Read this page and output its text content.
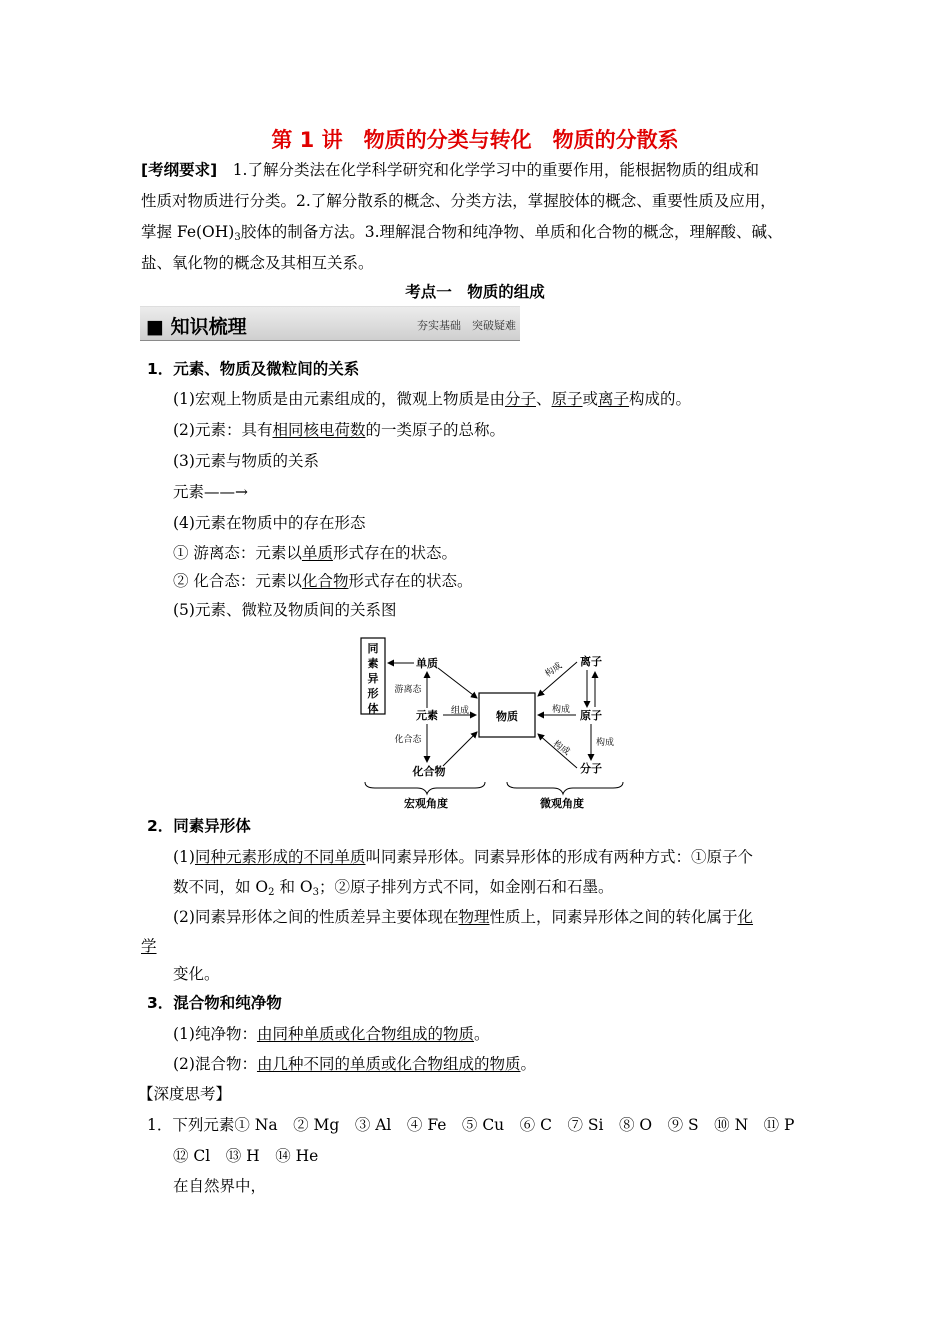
第 1 讲　物质的分类与转化　物质的分散系
[考纲要求]　 1.了解分类法在化学科学研究和化学学习中的重要作用，能根据物质的组成和
性质对物质进行分类。2.了解分散系的概念、分类方法，掌握胶体的概念、重要性质及应用，
掌握 $Fe(OH)_3$胶体的制备方法。3.理解混合物和纯净物、单质和化合物的概念，理解酸、碱、
盐、氧化物的概念及其相互关系。
考点一　物质的组成
■ 知识梳理	夯实基础　突破疑难
1．元素、物质及微粒间的关系
(1)宏观上物质是由元素组成的，微观上物质是由分子、原子或离子构成的。
(2)元素：具有相同核电荷数的一类原子的总称。
(3)元素与物质的关系
元素——→
(4)元素在物质中的存在形态
① 游离态：元素以单质形式存在的状态。
② 化合态：元素以化合物形式存在的状态。
(5)元素、微粒及物质间的关系图
同
素
异
形
体
单质
游离态
元素
化合态
化合物
组成 物质
离子
原子
分子
构成
构成
构成	构成
宏观角度	微观角度
2．同素异形体
(1)同种元素形成的不同单质叫同素异形体。同素异形体的形成有两种方式：①原子个
数不同，如 $O_2$ 和 $O_3$；②原子排列方式不同，如金刚石和石墨。
(2)同素异形体之间的性质差异主要体现在物理性质上，同素异形体之间的转化属于化
学
变化。
3．混合物和纯净物
(1)纯净物：由同种单质或化合物组成的物质。
(2)混合物：由几种不同的单质或化合物组成的物质。
【深度思考】
1．下列元素① Na　② Mg　③ Al　④ Fe　⑤ Cu　⑥ C　⑦ Si　⑧ O　⑨ S　⑩ N　⑪ P
⑫ Cl　⑬ H　⑭ He
在自然界中，
